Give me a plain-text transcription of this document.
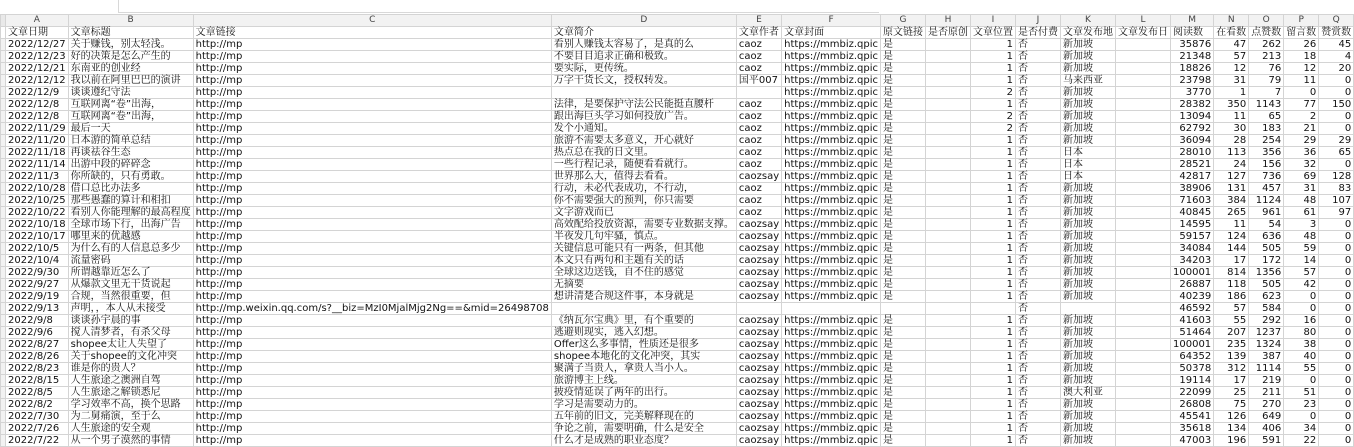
	A	B	C	D	E	F	G	H	I	J	K	L	M	N	O	P	Q
	文章日期	文章标题	文章链接	文章简介	文章作者	文章封面	原文链接	是否原创	文章位置	是否付费	文章发布地	文章发布日	阅读数	在看数	点赞数	留言数	赞赏数
	2022/12/27	关于赚钱，别太轻浅。	http://mp	看别人赚钱太容易了，是真的么	caoz	https://mmbiz.qpic	是		1	否	新加坡		35876	47	262	26	45
	2022/12/23	好的决策是怎么产生的	http://mp	不要目目追求正确和极致。	caoz	https://mmbiz.qpic	是		1	否	新加坡		21348	57	213	18	4
	2022/12/21	东南亚的创业经	http://mp	要实际，更传统。	caoz	https://mmbiz.qpic	是		1	否	新加坡		18826	12	76	12	20
	2022/12/12	我以前在阿里巴巴的演讲	http://mp	万字干货长文，授权转发。	国平007	https://mmbiz.qpic	是		1	否	马来西亚		23798	31	79	11	0
	2022/12/9	谈谈遵纪守法	http://mp			https://mmbiz.qpic	是		2	否	新加坡		3770	1	7	0	0
	2022/12/8	互联网离“卷”出海，	http://mp	法律，是要保护守法公民能挺直腰杆	caoz	https://mmbiz.qpic	是		1	否	新加坡		28382	350	1143	77	150
	2022/12/8	互联网离“卷”出海，	http://mp	跟出海巨头学习如何投放广告。	caoz	https://mmbiz.qpic	是		2	否	新加坡		13094	11	65	2	0
	2022/11/29	最后一天	http://mp	发个小通知。	caoz	https://mmbiz.qpic	是		2	否	新加坡		62792	30	183	21	0
	2022/11/20	日本游的简单总结	http://mp	旅游不需要太多意义，开心就好	caoz	https://mmbiz.qpic	是		1	否	新加坡		36094	28	254	29	29
	2022/11/18	再谈祛谷生态	http://mp	热点总在我的日文里。	caoz	https://mmbiz.qpic	是		1	否	日本		28010	113	356	36	65
	2022/11/14	出游中段的碎碎念	http://mp	一些行程记录，随便看看就行。	caoz	https://mmbiz.qpic	是		1	否	日本		28521	24	156	32	0
	2022/11/3	你所缺的，只有勇敢。	http://mp	世界那么大，值得去看看。	caozsay	https://mmbiz.qpic	是		1	否	日本		42817	127	736	69	128
	2022/10/28	借口总比办法多	http://mp	行动，未必代表成功，不行动，	caoz	https://mmbiz.qpic	是		1	否	新加坡		38906	131	457	31	83
	2022/10/25	那些愚蠢的算计和相扣	http://mp	你不需要强大的预判，你只需要	caoz	https://mmbiz.qpic	是		1	否	新加坡		71603	384	1124	48	107
	2022/10/22	看别人你能理解的最高程度	http://mp	文字游戏而已	caoz	https://mmbiz.qpic	是		1	否	新加坡		40845	265	961	61	97
	2022/10/18	全球市场下行，出海广告	http://mp	高效配给投放资源，需要专业数据支撑。	caozsay	https://mmbiz.qpic	是		1	否	新加坡		14595	11	54	3	0
	2022/10/17	哪里来的优越感	http://mp	半夜发几句牢骚，慎点。	caozsay	https://mmbiz.qpic	是		1	否	新加坡		59157	124	636	48	0
	2022/10/5	为什么有的人信息总多少	http://mp	关键信息可能只有一两条，但其他	caozsay	https://mmbiz.qpic	是		1	否	新加坡		34084	144	505	59	0
	2022/10/4	流量密码	http://mp	本文只有两句和主题有关的话	caozsay	https://mmbiz.qpic	是		1	否	新加坡		34203	17	172	14	0
	2022/9/30	所谓越靠近怎么了	http://mp	全球这边送钱，自不住的感觉	caozsay	https://mmbiz.qpic	是		1	否	新加坡		100001	814	1356	57	0
	2022/9/27	从爆款文里无干货说起	http://mp	无摘要	caozsay	https://mmbiz.qpic	是		1	否	新加坡		26887	118	505	42	0
	2022/9/19	合规，当然很重要，但	http://mp	想讲清楚合规这件事，本身就是	caozsay	https://mmbiz.qpic	是		1	否	新加坡		40239	186	623	0	0
	2022/9/13	声明，，本人从未接受	http://mp.weixin.qq.com/s?__biz=MzI0MjalMjg2Ng==&mid=26498708							否			46592	57	584	0	0
	2022/9/8	谈谈孙宇晨的事	http://mp	《纳瓦尔宝典》里，有个重要的	caozsay	https://mmbiz.qpic	是		1	否	新加坡		41603	55	292	16	0
	2022/9/6	搅人清梦者，有杀父母	http://mp	逃避则现实，逃入幻想。	caozsay	https://mmbiz.qpic	是		1	否	新加坡		51464	207	1237	80	0
	2022/8/27	shopee太让人失望了	http://mp	Offer这么多事情，性质还是很多	caozsay	https://mmbiz.qpic	是		1	否	新加坡		100001	235	1324	38	0
	2022/8/26	关于shopee的文化冲突	http://mp	shopee本地化的文化冲突，其实	caozsay	https://mmbiz.qpic	是		1	否	新加坡		64352	139	387	40	0
	2022/8/23	谁是你的贵人？	http://mp	聚满子当贵人，拿贵人当小人。	caozsay	https://mmbiz.qpic	是		1	否	新加坡		50378	312	1114	55	0
	2022/8/15	人生旅途之澳洲自驾	http://mp	旅游博主上线。	caozsay	https://mmbiz.qpic	是		1	否	新加坡		19114	17	219	0	0
	2022/8/5	人生旅途之解锁悉尼	http://mp	披疫情延误了两年的出行。	caozsay	https://mmbiz.qpic	是		1	否	澳大利亚		22099	25	211	51	0
	2022/8/2	学习效率不高，换个思路	http://mp	学习是需要动力的。	caozsay	https://mmbiz.qpic	是		1	否	新加坡		26808	75	270	23	0
	2022/7/30	为二舅痛演，至于么	http://mp	五年前的旧文，完美解释现在的	caozsay	https://mmbiz.qpic	是		1	否	新加坡		45541	126	649	0	0
	2022/7/26	人生旅途的安全观	http://mp	争论之前，需要明确，什么是安全	caozsay	https://mmbiz.qpic	是		1	否	新加坡		35618	134	406	34	0
	2022/7/22	从一个男子漠然的事情	http://mp	什么才是成熟的职业态度？	caozsay	https://mmbiz.qpic	是		1	否	新加坡		47003	196	591	22	0
